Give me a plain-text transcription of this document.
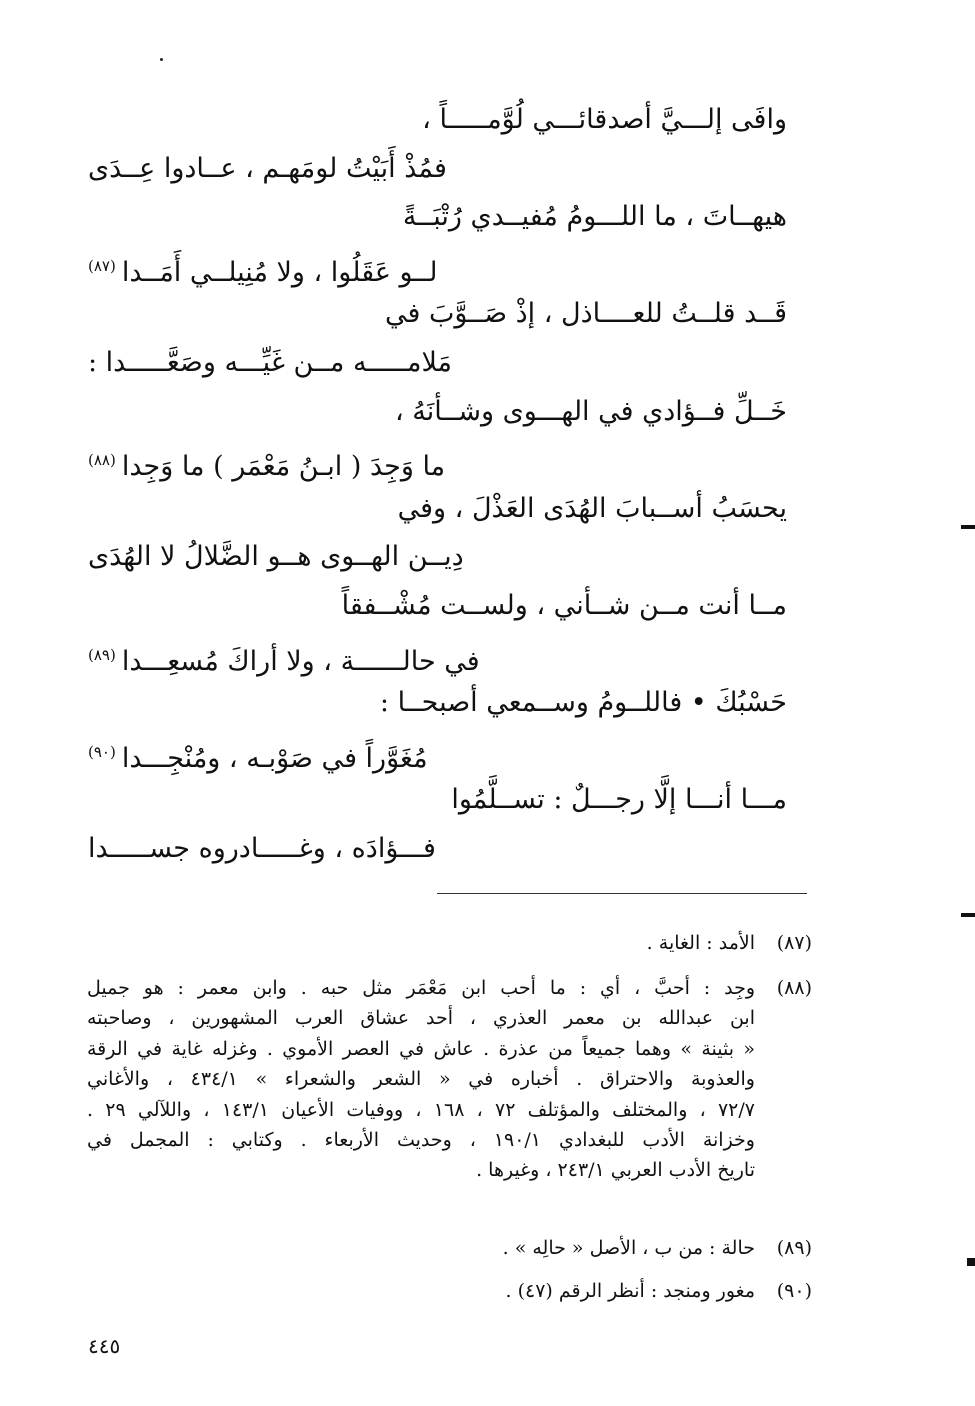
وافَى إلـــيَّ أصدقائـــي لُوَّمـــــاً ،
فمُذْ أَبَيْتُ لومَهـم ، عــادوا عِــدَى
هيهــاتَ ، ما اللـــومُ مُفيــدي رُتْبَــةً
لــو عَقَلُوا ، ولا مُنِيلــي أَمَــدا$^{(٨٧)}$
قَــد قلــتُ للعــــاذل ، إذْ صَــوَّبَ في
مَلامـــــه مــن غَيِّـــه وصَعَّـــــدا :
خَــلِّ فــؤادي في الهـــوى وشــأنَهُ ،
ما وَجِدَ ( ابـنُ مَعْمَر ) ما وَجِدا$^{(٨٨)}$
يحسَبُ أســبابَ الهُدَى العَذْلَ ، وفي
دِيــن الهــوى هــو الضَّلالُ لا الهُدَى
مــا أنت مــن شــأني ، ولســت مُشْــفقاً
في حالــــــة ، ولا أراكَ مُسعِـــدا$^{(٨٩)}$
حَسْبُكَ • فاللــومُ وســمعي أصبحــا :
مُغَوَّراً في صَوْبـه ، ومُنْجِـــدا$^{(٩٠)}$
مـــا أنـــا إلَّا رجـــلٌ : تســلَّمُوا
فـــؤادَه ، وغـــــادروه جســـــدا
(٨٧)
الأمد : الغاية .
(٨٨)
وجِد : أحبَّ ، أي : ما أحب ابن مَعْمَر مثل حبه . وابن معمر : هو جميل
ابن عبدالله بن معمر العذري ، أحد عشاق العرب المشهورين ، وصاحبته
« بثينة » وهما جميعاً من عذرة . عاش في العصر الأموي . وغزله غاية في الرقة
والعذوبة والاحتراق . أخباره في « الشعر والشعراء » ٤٣٤/١ ، والأغاني
٧٢/٧ ، والمختلف والمؤتلف ٧٢ ، ١٦٨ ، ووفيات الأعيان ١٤٣/١ ، واللآلي ٢٩ .
وخزانة الأدب للبغدادي ١٩٠/١ ، وحديث الأربعاء . وكتابي : المجمل في
تاريخ الأدب العربي ٢٤٣/١ ، وغيرها .
(٨٩)
حالة : من ب ، الأصل « حالِه » .
(٩٠)
مغور ومنجد : أنظر الرقم (٤٧) .
٤٤٥
